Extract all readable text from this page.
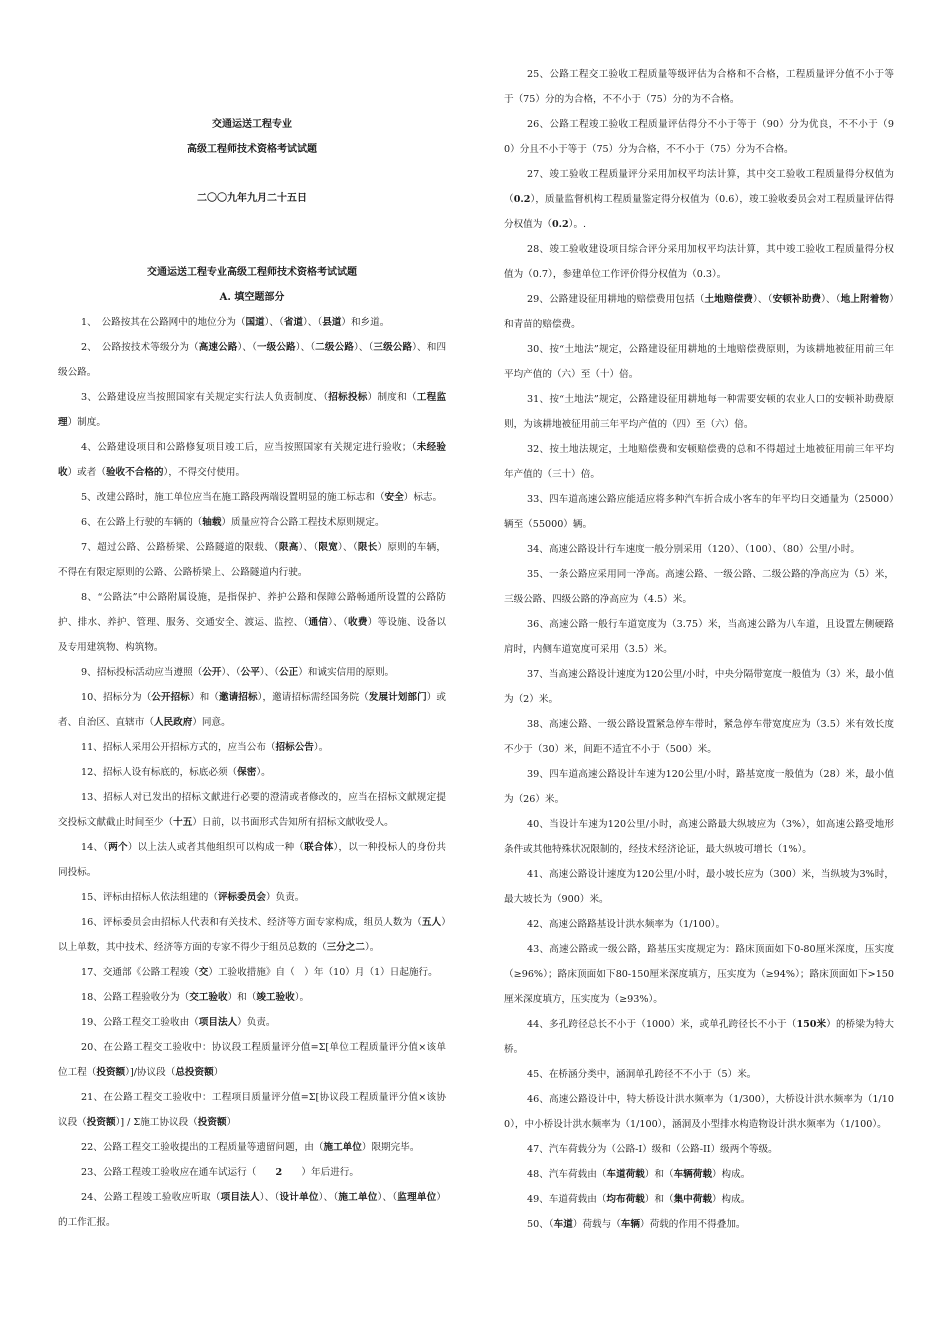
交通运送工程专业
高级工程师技术资格考试试题
二〇〇九年九月二十五日
交通运送工程专业高级工程师技术资格考试试题
A. 填空题部分

1、　公路按其在公路网中的地位分为（国道）、（省道）、（县道）和乡道。

2、　公路按技术等级分为（高速公路）、（一级公路）、（二级公路）、（三级公路）、和四级公路。

3、公路建设应当按照国家有关规定实行法人负责制度、（招标投标）制度和（工程监理）制度。

4、公路建设项目和公路修复项目竣工后，应当按照国家有关规定进行验收；（未经验收）或者（验收不合格的），不得交付使用。

5、改建公路时，施工单位应当在施工路段两端设置明显的施工标志和（安全）标志。

6、在公路上行驶的车辆的（轴载）质量应符合公路工程技术原则规定。

7、超过公路、公路桥梁、公路隧道的限载、（限高）、（限宽）、（限长）原则的车辆，不得在有限定原则的公路、公路桥梁上、公路隧道内行驶。

8、“公路法”中公路附属设施，是指保护、养护公路和保障公路畅通所设置的公路防护、排水、养护、管理、服务、交通安全、渡运、监控、（通信）、（收费）等设施、设备以及专用建筑物、构筑物。

9、招标投标活动应当遵照（公开）、（公平）、（公正）和诚实信用的原则。

10、招标分为（公开招标）和（邀请招标），邀请招标需经国务院（发展计划部门）或者、自治区、直辖市（人民政府）同意。

11、招标人采用公开招标方式的，应当公布（招标公告）。

12、招标人设有标底的，标底必须（保密）。

13、招标人对已发出的招标文献进行必要的澄清或者修改的，应当在招标文献规定提交投标文献截止时间至少（十五）日前，以书面形式告知所有招标文献收受人。

14、（两个）以上法人或者其他组织可以构成一种（联合体），以一种投标人的身份共同投标。

15、评标由招标人依法组建的（评标委员会）负责。

16、评标委员会由招标人代表和有关技术、经济等方面专家构成，组员人数为（五人）以上单数，其中技术、经济等方面的专家不得少于组员总数的（三分之二）。

17、交通部《公路工程竣（交）工验收措施》自（　）年（10）月（1）日起施行。

18、公路工程验收分为（交工验收）和（竣工验收）。

19、公路工程交工验收由（项目法人）负责。

20、在公路工程交工验收中：协议段工程质量评分值=Σ[单位工程质量评分值×该单位工程（投资额）]/协议段（总投资额）

21、在公路工程交工验收中：工程项目质量评分值=Σ[协议段工程质量评分值×该协议段（投资额）] / Σ施工协议段（投资额）

22、公路工程交工验收提出的工程质量等遗留问题，由（施工单位）限期完毕。

23、公路工程竣工验收应在通车试运行（　　2　　）年后进行。

24、公路工程竣工验收应听取（项目法人）、（设计单位）、（施工单位）、（监理单位）的工作汇报。

25、公路工程交工验收工程质量等级评估为合格和不合格，工程质量评分值不小于等于（75）分的为合格，不不小于（75）分的为不合格。

26、公路工程竣工验收工程质量评估得分不小于等于（90）分为优良，不不小于（90）分且不小于等于（75）分为合格，不不小于（75）分为不合格。

27、竣工验收工程质量评分采用加权平均法计算，其中交工验收工程质量得分权值为（0.2），质量监督机构工程质量鉴定得分权值为（0.6），竣工验收委员会对工程质量评估得分权值为（0.2）。.

28、竣工验收建设项目综合评分采用加权平均法计算，其中竣工验收工程质量得分权值为（0.7），参建单位工作评价得分权值为（0.3）。

29、公路建设征用耕地的赔偿费用包括（土地赔偿费）、（安顿补助费）、（地上附着物）和青苗的赔偿费。

30、按“土地法”规定，公路建设征用耕地的土地赔偿费原则，为该耕地被征用前三年平均产值的（六）至（十）倍。

31、按“土地法”规定，公路建设征用耕地每一种需要安顿的农业人口的安顿补助费原则，为该耕地被征用前三年平均产值的（四）至（六）倍。

32、按土地法规定，土地赔偿费和安顿赔偿费的总和不得超过土地被征用前三年平均年产值的（三十）倍。

33、四车道高速公路应能适应将多种汽车折合成小客车的年平均日交通量为（25000）辆至（55000）辆。

34、高速公路设计行车速度一般分别采用（120）、（100）、（80）公里/小时。

35、一条公路应采用同一净高。高速公路、一级公路、二级公路的净高应为（5）米，三级公路、四级公路的净高应为（4.5）米。

36、高速公路一般行车道宽度为（3.75）米，当高速公路为八车道，且设置左侧硬路肩时，内侧车道宽度可采用（3.5）米。

37、当高速公路设计速度为120公里/小时，中央分隔带宽度一般值为（3）米，最小值为（2）米。

38、高速公路、一级公路设置紧急停车带时，紧急停车带宽度应为（3.5）米有效长度不少于（30）米，间距不适宜不小于（500）米。

39、四车道高速公路设计车速为120公里/小时，路基宽度一般值为（28）米，最小值为（26）米。

40、当设计车速为120公里/小时，高速公路最大纵坡应为（3%），如高速公路受地形条件或其他特殊状况限制的，经技术经济论证，最大纵坡可增长（1%）。

41、高速公路设计速度为120公里/小时，最小坡长应为（300）米，当纵坡为3%时，最大坡长为（900）米。

42、高速公路路基设计洪水频率为（1/100）。

43、高速公路或一级公路，路基压实度规定为：路床顶面如下0-80厘米深度，压实度（≥96%）；路床顶面如下80-150厘米深度填方，压实度为（≥94%）；路床顶面如下>150厘米深度填方，压实度为（≥93%）。

44、多孔跨径总长不小于（1000）米，或单孔跨径长不小于（150米）的桥梁为特大桥。

45、在桥涵分类中，涵洞单孔跨径不不小于（5）米。

46、高速公路设计中，特大桥设计洪水频率为（1/300），大桥设计洪水频率为（1/100），中小桥设计洪水频率为（1/100），涵洞及小型排水构造物设计洪水频率为（1/100）。

47、汽车荷载分为（公路-I）级和（公路-II）级两个等级。

48、汽车荷载由（车道荷载）和（车辆荷载）构成。

49、车道荷载由（均布荷载）和（集中荷载）构成。

50、（车道）荷载与（车辆）荷载的作用不得叠加。
